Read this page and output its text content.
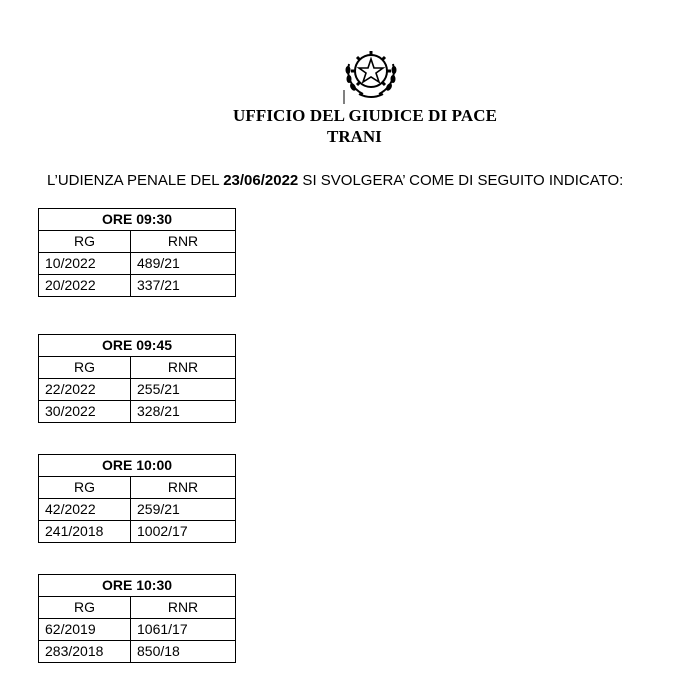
UFFICIO DEL GIUDICE DI PACE
TRANI
L’UDIENZA PENALE DEL 23/06/2022 SI SVOLGERA’ COME DI SEGUITO INDICATO:
ORE 09:30	
RG	RNR
10/2022	489/21
20/2022	337/21
ORE 09:45	
RG	RNR
22/2022	255/21
30/2022	328/21
ORE 10:00	
RG	RNR
42/2022	259/21
241/2018	1002/17
ORE 10:30	
RG	RNR
62/2019	1061/17
283/2018	850/18
